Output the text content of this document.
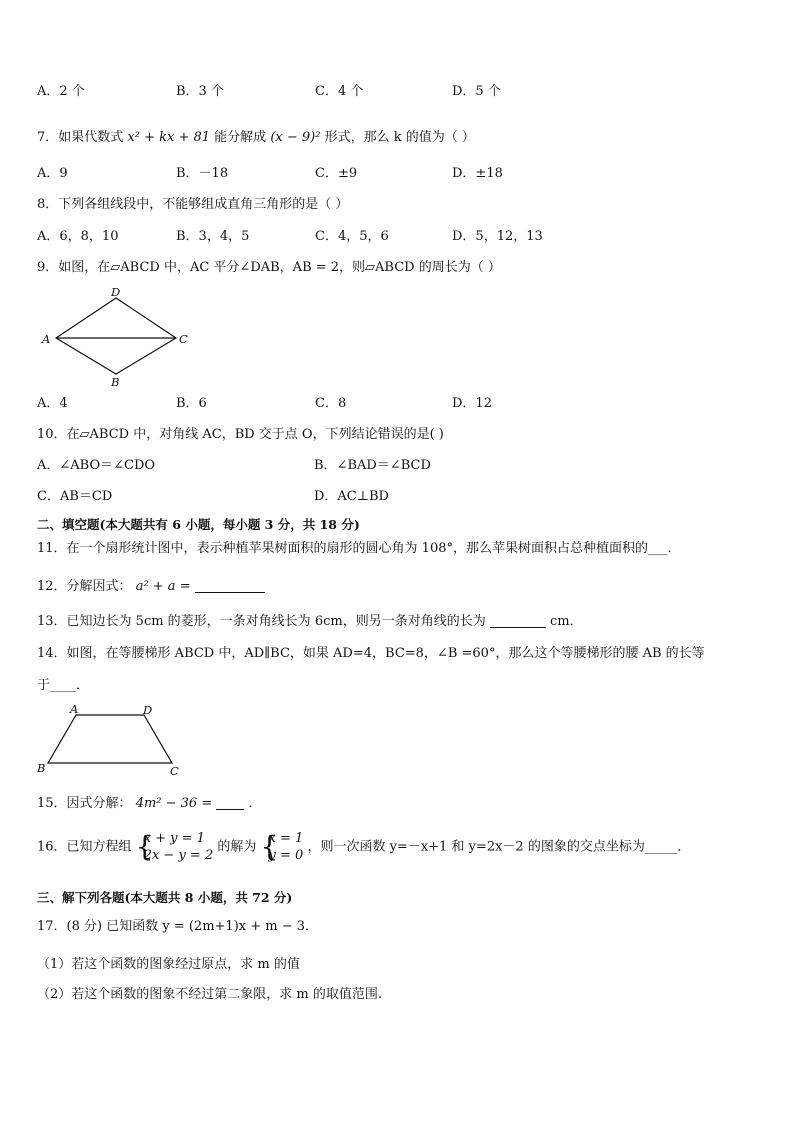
A．2 个	B．3 个	C．4 个	D．5 个
7．如果代数式 x² + kx + 81 能分解成 (x − 9)² 形式，那么 k 的值为（ ）
A．9	B．－18	C．±9	D．±18
8．下列各组线段中，不能够组成直角三角形的是（ ）
A．6，8，10	B．3，4，5	C．4，5，6	D．5，12，13
9．如图，在▱ABCD 中，AC 平分∠DAB，AB = 2，则▱ABCD 的周长为（ ）
A
D
C
B
A．4	B．6	C．8	D．12
10．在▱ABCD 中，对角线 AC，BD 交于点 O，下列结论错误的是( )
A．∠ABO＝∠CDO	B．∠BAD＝∠BCD
C．AB＝CD	D．AC⊥BD
二、填空题(本大题共有 6 小题，每小题 3 分，共 18 分)
11．在一个扇形统计图中，表示种植苹果树面积的扇形的圆心角为 108°，那么苹果树面积占总种植面积的___．
12．分解因式： a² + a =
13．已知边长为 5cm 的菱形，一条对角线长为 6cm，则另一条对角线的长为	cm．
14．如图，在等腰梯形 ABCD 中，AD∥BC，如果 AD=4，BC=8，∠B =60°，那么这个等腰梯形的腰 AB 的长等
于____．
A	D
B	C
15．因式分解： 4m² − 36 =	．
16．已知方程组 {
x + y = 1
2x − y = 2
的解为 {
x = 1
y = 0
，则一次函数 y=－x+1 和 y=2x－2 的图象的交点坐标为_____．
三、解下列各题(本大题共 8 小题，共 72 分)
17．(8 分) 已知函数 y = (2m+1)x + m − 3．
（1）若这个函数的图象经过原点，求 m 的值
（2）若这个函数的图象不经过第二象限，求 m 的取值范围.
